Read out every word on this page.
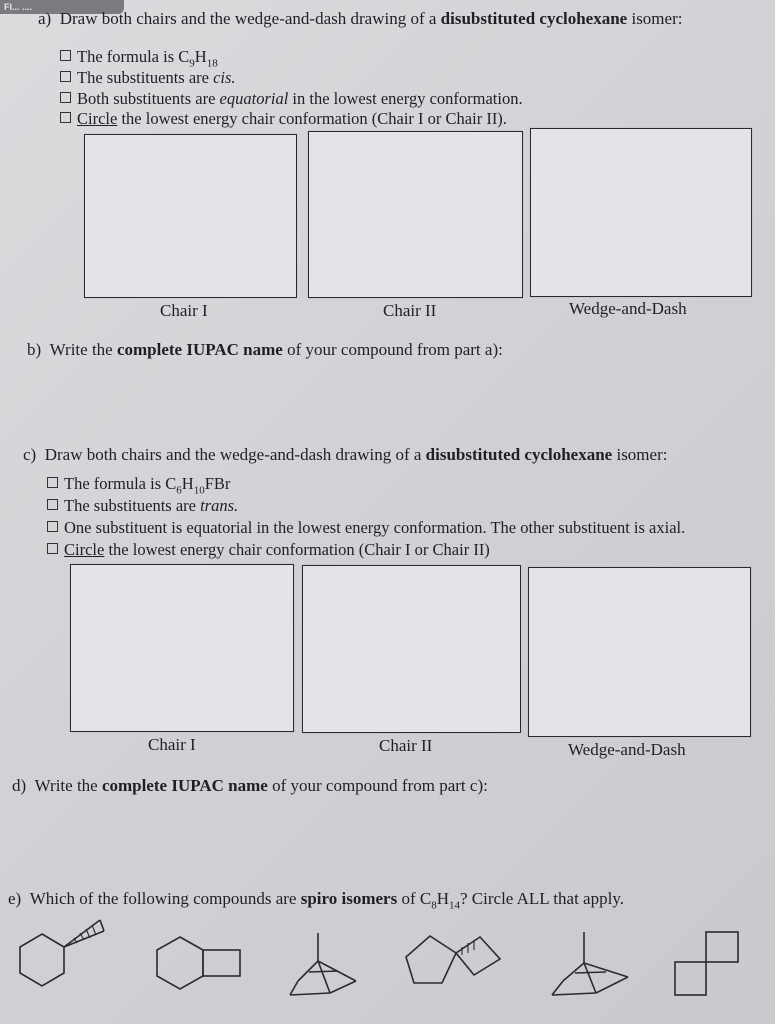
FI... ....
a) Draw both chairs and the wedge-and-dash drawing of a disubstituted cyclohexane isomer:
The formula is $C_9H_{18}$
The substituents are cis.
Both substituents are equatorial in the lowest energy conformation.
Circle the lowest energy chair conformation (Chair I or Chair II).
Chair I	Chair II	Wedge-and-Dash
b) Write the complete IUPAC name of your compound from part a):
c) Draw both chairs and the wedge-and-dash drawing of a disubstituted cyclohexane isomer:
The formula is $C_6H_{10}FBr$
The substituents are trans.
One substituent is equatorial in the lowest energy conformation. The other substituent is axial.
Circle the lowest energy chair conformation (Chair I or Chair II)
Chair I	Chair II	Wedge-and-Dash
d) Write the complete IUPAC name of your compound from part c):
e) Which of the following compounds are spiro isomers of $C_8H_{14}$? Circle ALL that apply.
